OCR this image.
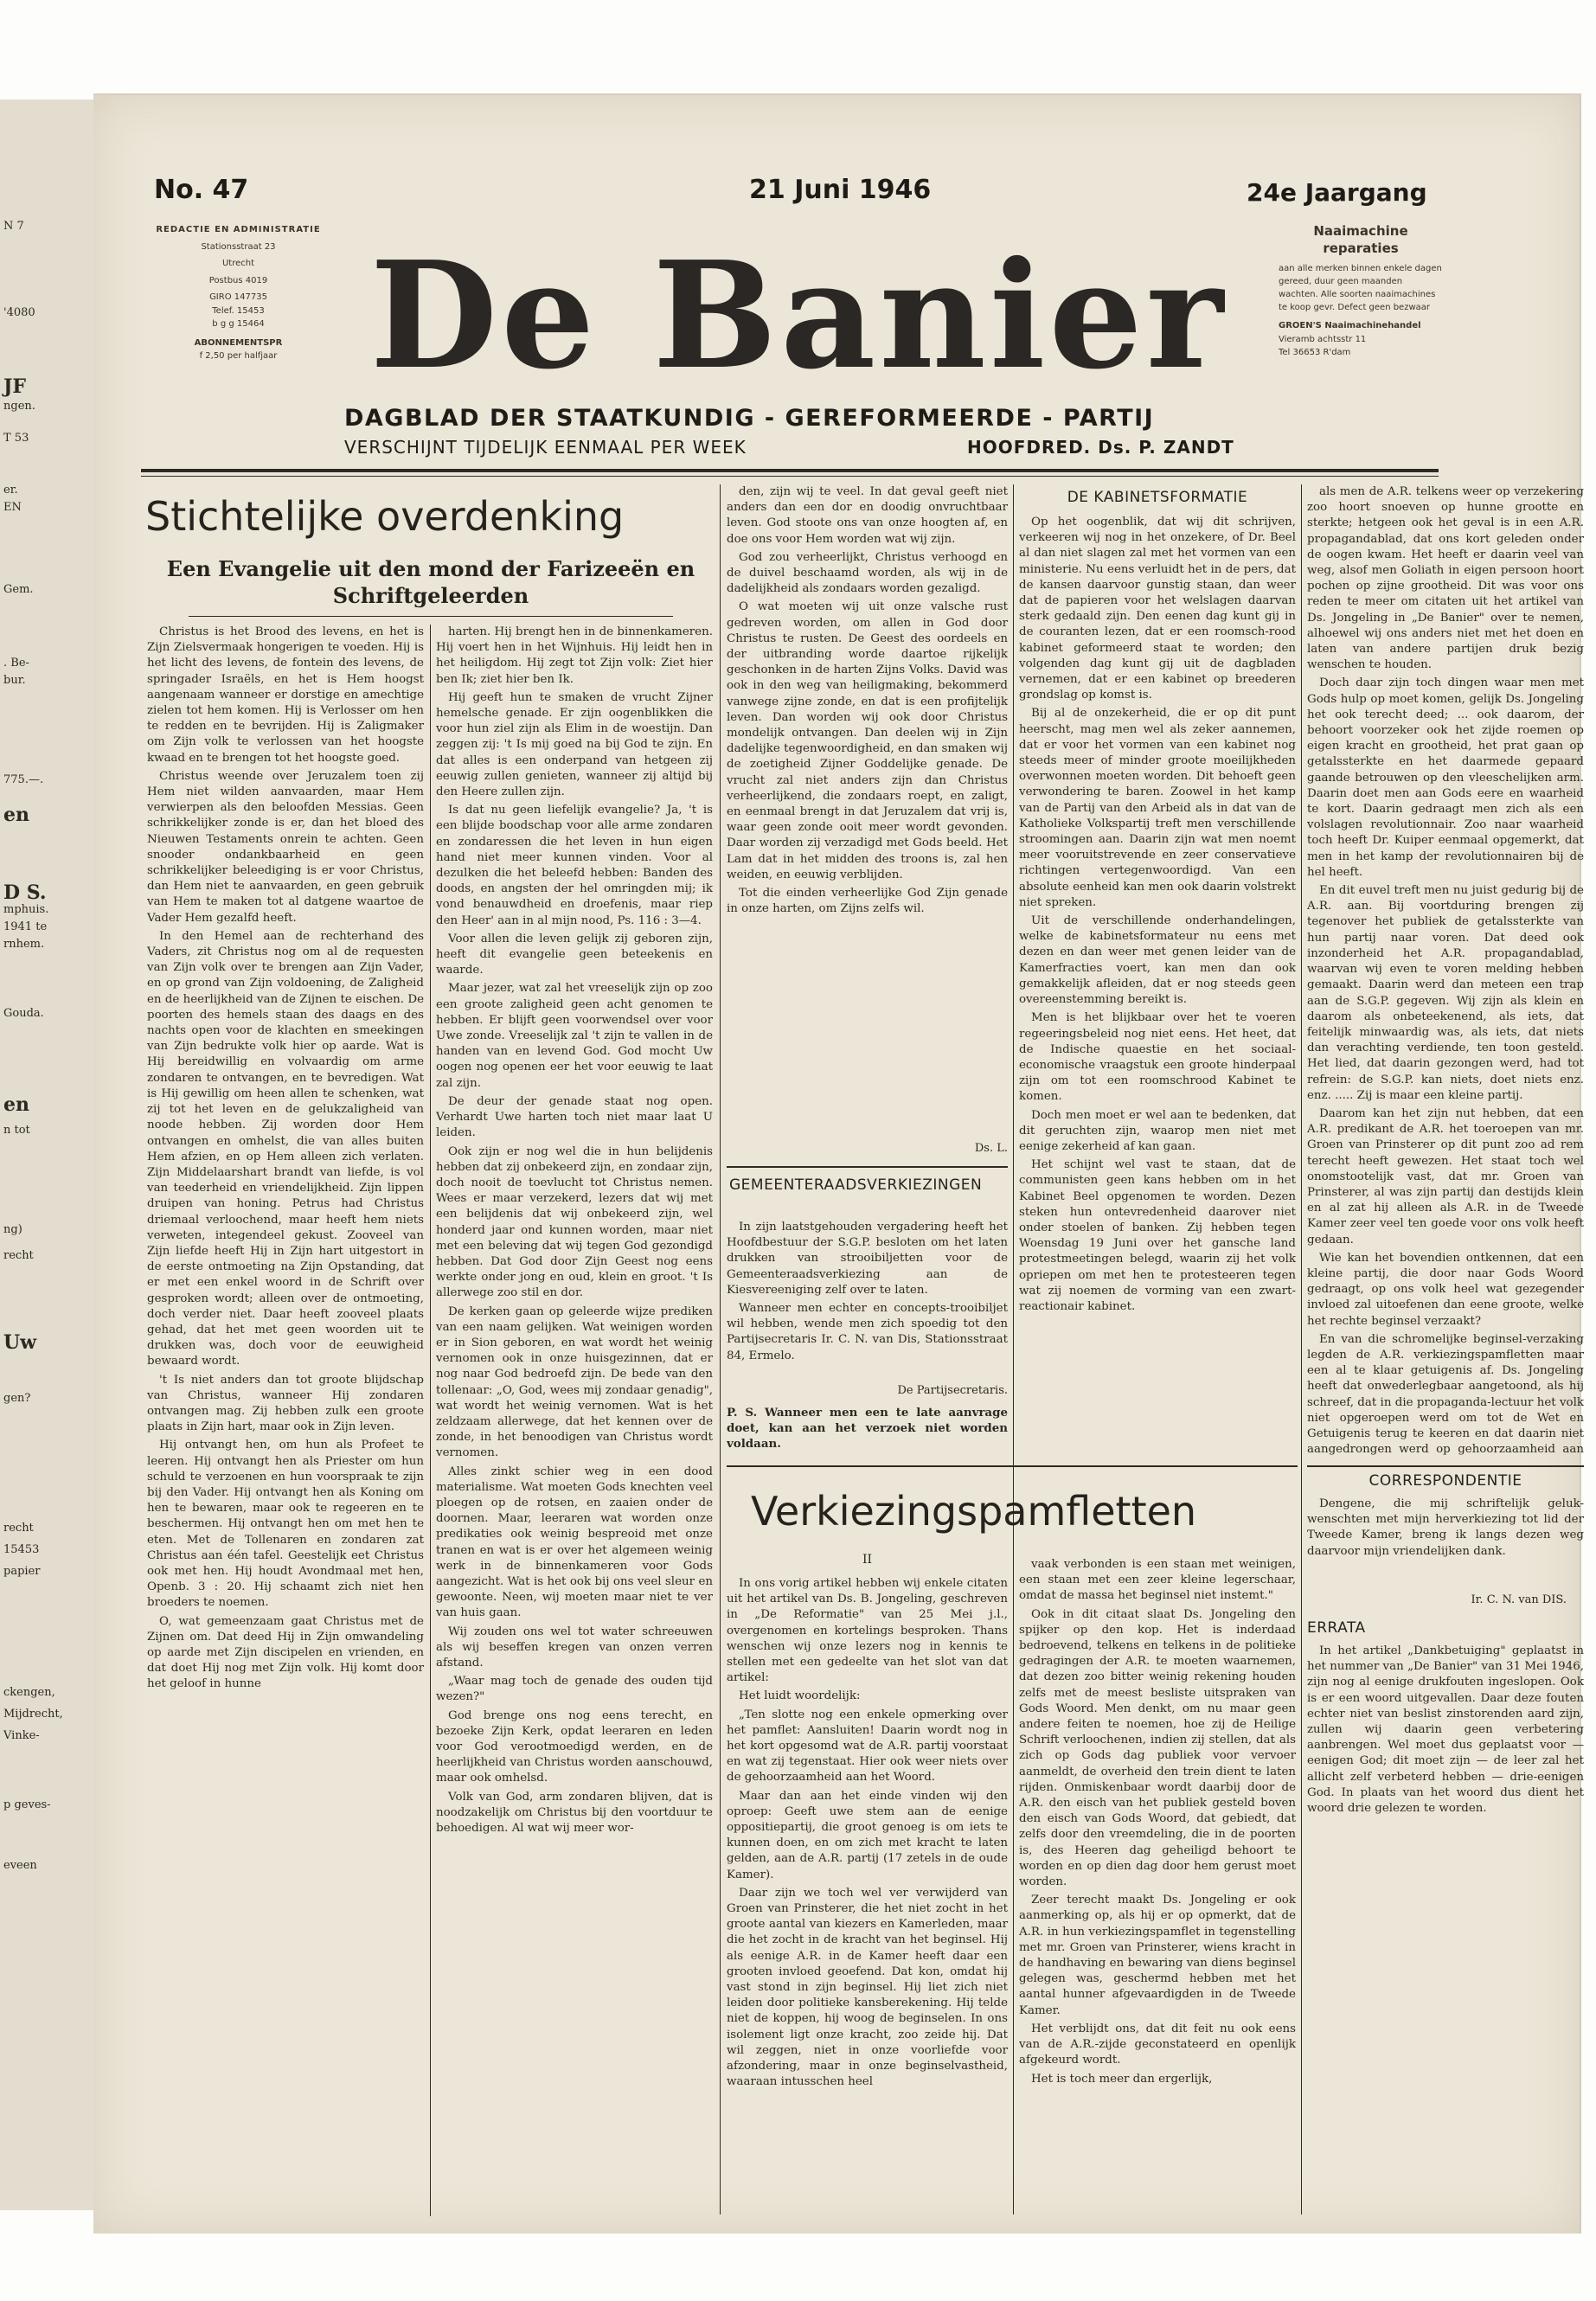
N 7
'4080
JF
ngen.
T 53
er.
EN
Gem.
. Be-
bur.
775.—.
en
D S.
mphuis.
1941 te
rnhem.
Gouda.
en
n tot
ng)
recht
Uw
gen?
recht
15453
papier
ckengen,
Mijdrecht,
Vinke-
p geves-
eveen
No. 47	21 Juni 1946	24e Jaargang
REDACTIE EN ADMINISTRATIE
Stationsstraat 23
Utrecht
Postbus 4019
GIRO 147735
Telef. 15453
b g g 15464
ABONNEMENTSPR
f 2,50 per halfjaar De Banier	Naaimachine reparaties
aan alle merken binnen enkele dagen gereed, duur geen maanden wachten. Alle soorten naaimachines te koop gevr. Defect geen bezwaar
GROEN'S Naaimachinehandel
Vieramb achtsstr 11
Tel 36653 R'dam
DAGBLAD DER STAATKUNDIG - GEREFORMEERDE - PARTIJ
VERSCHIJNT TIJDELIJK EENMAAL PER WEEK	HOOFDRED. Ds. P. ZANDT
Stichtelijke overdenking
Een Evangelie uit den mond der Farizeeën en Schriftgeleerden

Christus is het Brood des levens, en het is Zijn Zielsvermaak hongerigen te voeden. Hij is het licht des levens, de fontein des levens, de springader Israëls, en het is Hem hoogst aangenaam wanneer er dorstige en amechtige zielen tot hem komen. Hij is Verlosser om hen te redden en te bevrijden. Hij is Zaligmaker om Zijn volk te verlossen van het hoogste kwaad en te brengen tot het hoogste goed.

Christus weende over Jeruzalem toen zij Hem niet wilden aanvaarden, maar Hem verwierpen als den beloofden Messias. Geen schrikkelijker zonde is er, dan het bloed des Nieuwen Testaments onrein te achten. Geen snooder ondankbaarheid en geen schrikkelijker beleediging is er voor Christus, dan Hem niet te aanvaarden, en geen gebruik van Hem te maken tot al datgene waartoe de Vader Hem gezalfd heeft.

In den Hemel aan de rechterhand des Vaders, zit Christus nog om al de requesten van Zijn volk over te brengen aan Zijn Vader, en op grond van Zijn voldoening, de Zaligheid en de heerlijkheid van de Zijnen te eischen. De poorten des hemels staan des daags en des nachts open voor de klachten en smeekingen van Zijn bedrukte volk hier op aarde. Wat is Hij bereidwillig en volvaardig om arme zondaren te ontvangen, en te bevredigen. Wat is Hij gewillig om heen allen te schenken, wat zij tot het leven en de gelukzaligheid van noode hebben. Zij worden door Hem ontvangen en omhelst, die van alles buiten Hem afzien, en op Hem alleen zich verlaten. Zijn Middelaarshart brandt van liefde, is vol van teederheid en vriendelijkheid. Zijn lippen druipen van honing. Petrus had Christus driemaal verloochend, maar heeft hem niets verweten, integendeel gekust. Zooveel van Zijn liefde heeft Hij in Zijn hart uitgestort in de eerste ontmoeting na Zijn Opstanding, dat er met een enkel woord in de Schrift over gesproken wordt; alleen over de ontmoeting, doch verder niet. Daar heeft zooveel plaats gehad, dat het met geen woorden uit te drukken was, doch voor de eeuwigheid bewaard wordt.

't Is niet anders dan tot groote blijdschap van Christus, wanneer Hij zondaren ontvangen mag. Zij hebben zulk een groote plaats in Zijn hart, maar ook in Zijn leven.

Hij ontvangt hen, om hun als Profeet te leeren. Hij ontvangt hen als Priester om hun schuld te verzoenen en hun voorspraak te zijn bij den Vader. Hij ontvangt hen als Koning om hen te bewaren, maar ook te regeeren en te beschermen. Hij ontvangt hen om met hen te eten. Met de Tollenaren en zondaren zat Christus aan één tafel. Geestelijk eet Christus ook met hen. Hij houdt Avondmaal met hen, Openb. 3 : 20. Hij schaamt zich niet hen broeders te noemen.

O, wat gemeenzaam gaat Christus met de Zijnen om. Dat deed Hij in Zijn omwandeling op aarde met Zijn discipelen en vrienden, en dat doet Hij nog met Zijn volk. Hij komt door het geloof in hunne

harten. Hij brengt hen in de binnenkameren. Hij voert hen in het Wijnhuis. Hij leidt hen in het heiligdom. Hij zegt tot Zijn volk: Ziet hier ben Ik; ziet hier ben Ik.

Hij geeft hun te smaken de vrucht Zijner hemelsche genade. Er zijn oogenblikken die voor hun ziel zijn als Elim in de woestijn. Dan zeggen zij: 't Is mij goed na bij God te zijn. En dat alles is een onderpand van hetgeen zij eeuwig zullen genieten, wanneer zij altijd bij den Heere zullen zijn.

Is dat nu geen liefelijk evangelie? Ja, 't is een blijde boodschap voor alle arme zondaren en zondaressen die het leven in hun eigen hand niet meer kunnen vinden. Voor al dezulken die het beleefd hebben: Banden des doods, en angsten der hel omringden mij; ik vond benauwdheid en droefenis, maar riep den Heer' aan in al mijn nood, Ps. 116 : 3—4.

Voor allen die leven gelijk zij geboren zijn, heeft dit evangelie geen beteekenis en waarde.

Maar jezer, wat zal het vreeselijk zijn op zoo een groote zaligheid geen acht genomen te hebben. Er blijft geen voorwendsel over voor Uwe zonde. Vreeselijk zal 't zijn te vallen in de handen van en levend God. God mocht Uw oogen nog openen eer het voor eeuwig te laat zal zijn.

De deur der genade staat nog open. Verhardt Uwe harten toch niet maar laat U leiden.

Ook zijn er nog wel die in hun belijdenis hebben dat zij onbekeerd zijn, en zondaar zijn, doch nooit de toevlucht tot Christus nemen. Wees er maar verzekerd, lezers dat wij met een belijdenis dat wij onbekeerd zijn, wel honderd jaar ond kunnen worden, maar niet met een beleving dat wij tegen God gezondigd hebben. Dat God door Zijn Geest nog eens werkte onder jong en oud, klein en groot. 't Is allerwege zoo stil en dor.

De kerken gaan op geleerde wijze prediken van een naam gelijken. Wat weinigen worden er in Sion geboren, en wat wordt het weinig vernomen ook in onze huisgezinnen, dat er nog naar God bedroefd zijn. De bede van den tollenaar: „O, God, wees mij zondaar genadig", wat wordt het weinig vernomen. Wat is het zeldzaam allerwege, dat het kennen over de zonde, in het benoodigen van Christus wordt vernomen.

Alles zinkt schier weg in een dood materialisme. Wat moeten Gods knechten veel ploegen op de rotsen, en zaaien onder de doornen. Maar, leeraren wat worden onze predikaties ook weinig bespreoid met onze tranen en wat is er over het algemeen weinig werk in de binnenkameren voor Gods aangezicht. Wat is het ook bij ons veel sleur en gewoonte. Neen, wij moeten maar niet te ver van huis gaan.

Wij zouden ons wel tot water schreeuwen als wij beseffen kregen van onzen verren afstand.

„Waar mag toch de genade des ouden tijd wezen?"

God brenge ons nog eens terecht, en bezoeke Zijn Kerk, opdat leeraren en leden voor God verootmoedigd werden, en de heerlijkheid van Christus worden aanschouwd, maar ook omhelsd.

Volk van God, arm zondaren blijven, dat is noodzakelijk om Christus bij den voortduur te behoedigen. Al wat wij meer wor-

den, zijn wij te veel. In dat geval geeft niet anders dan een dor en doodig onvruchtbaar leven. God stoote ons van onze hoogten af, en doe ons voor Hem worden wat wij zijn.

God zou verheerlijkt, Christus verhoogd en de duivel beschaamd worden, als wij in de dadelijkheid als zondaars worden gezaligd.

O wat moeten wij uit onze valsche rust gedreven worden, om allen in God door Christus te rusten. De Geest des oordeels en der uitbranding worde daartoe rijkelijk geschonken in de harten Zijns Volks. David was ook in den weg van heiligmaking, bekommerd vanwege zijne zonde, en dat is een profijtelijk leven. Dan worden wij ook door Christus mondelijk ontvangen. Dan deelen wij in Zijn dadelijke tegenwoordigheid, en dan smaken wij de zoetigheid Zijner Goddelijke genade. De vrucht zal niet anders zijn dan Christus verheerlijkend, die zondaars roept, en zaligt, en eenmaal brengt in dat Jeruzalem dat vrij is, waar geen zonde ooit meer wordt gevonden. Daar worden zij verzadigd met Gods beeld. Het Lam dat in het midden des troons is, zal hen weiden, en eeuwig verblijden.

Tot die einden verheerlijke God Zijn genade in onze harten, om Zijns zelfs wil.

Ds. L.
GEMEENTERAADSVERKIEZINGEN

In zijn laatstgehouden vergadering heeft het Hoofdbestuur der S.G.P. besloten om het laten drukken van strooibiljetten voor de Gemeenteraadsverkiezing aan de Kiesvereeniging zelf over te laten.

Wanneer men echter en concepts-trooibiljet wil hebben, wende men zich spoedig tot den Partijsecretaris Ir. C. N. van Dis, Stationsstraat 84, Ermelo.

De Partijsecretaris.

P. S. Wanneer men een te late aanvrage doet, kan aan het verzoek niet worden voldaan.

DE KABINETSFORMATIE

Op het oogenblik, dat wij dit schrijven, verkeeren wij nog in het onzekere, of Dr. Beel al dan niet slagen zal met het vormen van een ministerie. Nu eens verluidt het in de pers, dat de kansen daarvoor gunstig staan, dan weer dat de papieren voor het welslagen daarvan sterk gedaald zijn. Den eenen dag kunt gij in de couranten lezen, dat er een roomsch-rood kabinet geformeerd staat te worden; den volgenden dag kunt gij uit de dagbladen vernemen, dat er een kabinet op breederen grondslag op komst is.

Bij al de onzekerheid, die er op dit punt heerscht, mag men wel als zeker aannemen, dat er voor het vormen van een kabinet nog steeds meer of minder groote moeilijkheden overwonnen moeten worden. Dit behoeft geen verwondering te baren. Zoowel in het kamp van de Partij van den Arbeid als in dat van de Katholieke Volkspartij treft men verschillende stroomingen aan. Daarin zijn wat men noemt meer vooruitstrevende en zeer conservatieve richtingen vertegenwoordigd. Van een absolute eenheid kan men ook daarin volstrekt niet spreken.

Uit de verschillende onderhandelingen, welke de kabinetsformateur nu eens met dezen en dan weer met genen leider van de Kamerfracties voert, kan men dan ook gemakkelijk afleiden, dat er nog steeds geen overeenstemming bereikt is.

Men is het blijkbaar over het te voeren regeeringsbeleid nog niet eens. Het heet, dat de Indische quaestie en het sociaal-economische vraagstuk een groote hinderpaal zijn om tot een roomschrood Kabinet te komen.

Doch men moet er wel aan te bedenken, dat dit geruchten zijn, waarop men niet met eenige zekerheid af kan gaan.

Het schijnt wel vast te staan, dat de communisten geen kans hebben om in het Kabinet Beel opgenomen te worden. Dezen steken hun ontevredenheid daarover niet onder stoelen of banken. Zij hebben tegen Woensdag 19 Juni over het gansche land protestmeetingen belegd, waarin zij het volk opriepen om met hen te protesteeren tegen wat zij noemen de vorming van een zwart-reactionair kabinet.

als men de A.R. telkens weer op verzekering zoo hoort snoeven op hunne grootte en sterkte; hetgeen ook het geval is in een A.R. propagandablad, dat ons kort geleden onder de oogen kwam. Het heeft er daarin veel van weg, alsof men Goliath in eigen persoon hoort pochen op zijne grootheid. Dit was voor ons reden te meer om citaten uit het artikel van Ds. Jongeling in „De Banier" over te nemen, alhoewel wij ons anders niet met het doen en laten van andere partijen druk bezig wenschen te houden.

Doch daar zijn toch dingen waar men met Gods hulp op moet komen, gelijk Ds. Jongeling het ook terecht deed; ... ook daarom, der behoort voorzeker ook het zijde roemen op eigen kracht en grootheid, het prat gaan op getalssterkte en het daarmede gepaard gaande betrouwen op den vleeschelijken arm. Daarin doet men aan Gods eere en waarheid te kort. Daarin gedraagt men zich als een volslagen revolutionnair. Zoo naar waarheid toch heeft Dr. Kuiper eenmaal opgemerkt, dat men in het kamp der revolutionnairen bij de hel heeft.

En dit euvel treft men nu juist gedurig bij de A.R. aan. Bij voortduring brengen zij tegenover het publiek de getalssterkte van hun partij naar voren. Dat deed ook inzonderheid het A.R. propagandablad, waarvan wij even te voren melding hebben gemaakt. Daarin werd dan meteen een trap aan de S.G.P. gegeven. Wij zijn als klein en daarom als onbeteekenend, als iets, dat feitelijk minwaardig was, als iets, dat niets dan verachting verdiende, ten toon gesteld. Het lied, dat daarin gezongen werd, had tot refrein: de S.G.P. kan niets, doet niets enz. enz. ..... Zij is maar een kleine partij.

Daarom kan het zijn nut hebben, dat een A.R. predikant de A.R. het toeroepen van mr. Groen van Prinsterer op dit punt zoo ad rem terecht heeft gewezen. Het staat toch wel onomstootelijk vast, dat mr. Groen van Prinsterer, al was zijn partij dan destijds klein en al zat hij alleen als A.R. in de Tweede Kamer zeer veel ten goede voor ons volk heeft gedaan.

Wie kan het bovendien ontkennen, dat een kleine partij, die door naar Gods Woord gedraagt, op ons volk heel wat gezegender invloed zal uitoefenen dan eene groote, welke het rechte beginsel verzaakt?

En van die schromelijke beginsel-verzaking legden de A.R. verkiezingspamfletten maar een al te klaar getuigenis af. Ds. Jongeling heeft dat onwederlegbaar aangetoond, als hij schreef, dat in die propaganda-lectuur het volk niet opgeroepen werd om tot de Wet en Getuigenis terug te keeren en dat daarin niet aangedrongen werd op gehoorzaamheid aan

CORRESPONDENTIE

Dengene, die mij schriftelijk geluk-wenschten met mijn herverkiezing tot lid der Tweede Kamer, breng ik langs dezen weg daarvoor mijn vriendelijken dank.

Ir. C. N. van DIS.
ERRATA

In het artikel „Dankbetuiging" geplaatst in het nummer van „De Banier" van 31 Mei 1946, zijn nog al eenige drukfouten ingeslopen. Ook is er een woord uitgevallen. Daar deze fouten echter niet van beslist zinstorenden aard zijn, zullen wij daarin geen verbetering aanbrengen. Wel moet dus geplaatst voor — eenigen God; dit moet zijn — de leer zal het allicht zelf verbeterd hebben — drie-eenigen God. In plaats van het woord dus dient het woord drie gelezen te worden.

Verkiezingspamfletten
II

In ons vorig artikel hebben wij enkele citaten uit het artikel van Ds. B. Jongeling, geschreven in „De Reformatie" van 25 Mei j.l., overgenomen en kortelings besproken. Thans wenschen wij onze lezers nog in kennis te stellen met een gedeelte van het slot van dat artikel:

Het luidt woordelijk:

„Ten slotte nog een enkele opmerking over het pamflet: Aansluiten! Daarin wordt nog in het kort opgesomd wat de A.R. partij voorstaat en wat zij tegenstaat. Hier ook weer niets over de gehoorzaamheid aan het Woord.

Maar dan aan het einde vinden wij den oproep: Geeft uwe stem aan de eenige oppositiepartij, die groot genoeg is om iets te kunnen doen, en om zich met kracht te laten gelden, aan de A.R. partij (17 zetels in de oude Kamer).

Daar zijn we toch wel ver verwijderd van Groen van Prinsterer, die het niet zocht in het groote aantal van kiezers en Kamerleden, maar die het zocht in de kracht van het beginsel. Hij als eenige A.R. in de Kamer heeft daar een grooten invloed geoefend. Dat kon, omdat hij vast stond in zijn beginsel. Hij liet zich niet leiden door politieke kansberekening. Hij telde niet de koppen, hij woog de beginselen. In ons isolement ligt onze kracht, zoo zeide hij. Dat wil zeggen, niet in onze voorliefde voor afzondering, maar in onze beginselvastheid, waaraan intusschen heel

vaak verbonden is een staan met weinigen, een staan met een zeer kleine legerschaar, omdat de massa het beginsel niet instemt."

Ook in dit citaat slaat Ds. Jongeling den spijker op den kop. Het is inderdaad bedroevend, telkens en telkens in de politieke gedragingen der A.R. te moeten waarnemen, dat dezen zoo bitter weinig rekening houden zelfs met de meest besliste uitspraken van Gods Woord. Men denkt, om nu maar geen andere feiten te noemen, hoe zij de Heilige Schrift verloochenen, indien zij stellen, dat als zich op Gods dag publiek voor vervoer aanmeldt, de overheid den trein dient te laten rijden. Onmiskenbaar wordt daarbij door de A.R. den eisch van het publiek gesteld boven den eisch van Gods Woord, dat gebiedt, dat zelfs door den vreemdeling, die in de poorten is, des Heeren dag geheiligd behoort te worden en op dien dag door hem gerust moet worden.

Zeer terecht maakt Ds. Jongeling er ook aanmerking op, als hij er op opmerkt, dat de A.R. in hun verkiezingspamflet in tegenstelling met mr. Groen van Prinsterer, wiens kracht in de handhaving en bewaring van diens beginsel gelegen was, geschermd hebben met het aantal hunner afgevaardigden in de Tweede Kamer.

Het verblijdt ons, dat dit feit nu ook eens van de A.R.-zijde geconstateerd en openlijk afgekeurd wordt.

Het is toch meer dan ergerlijk,
